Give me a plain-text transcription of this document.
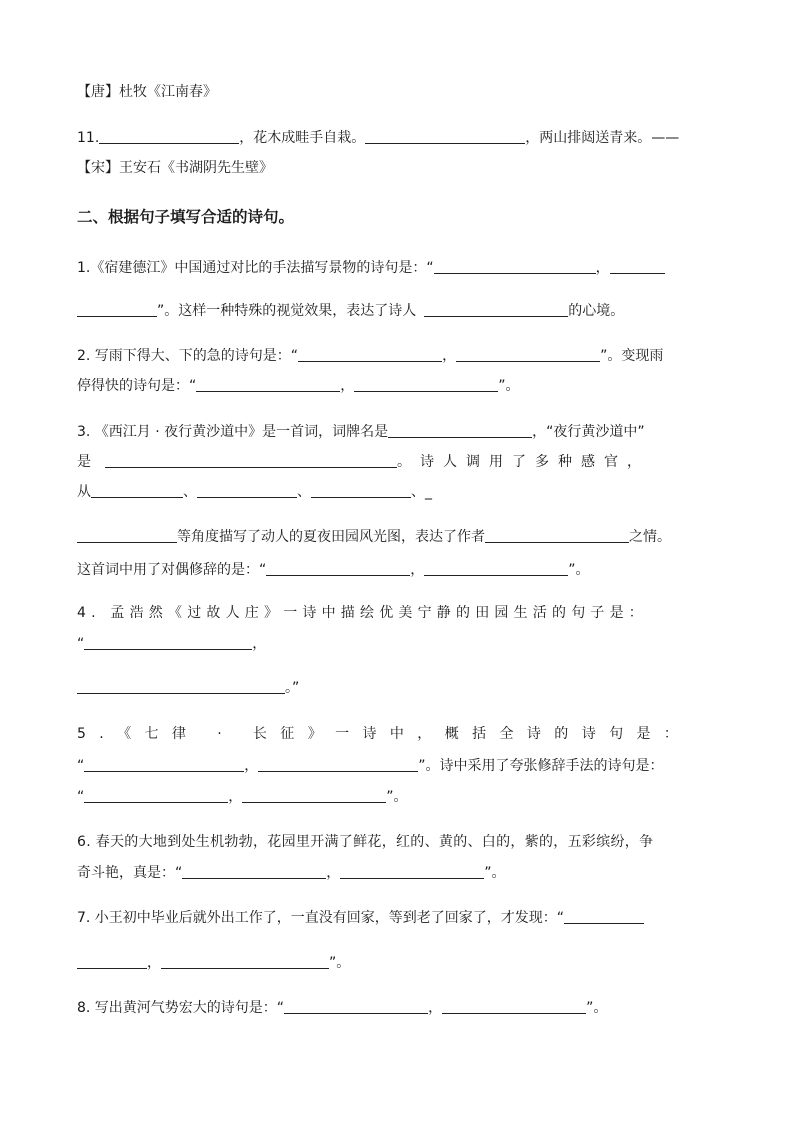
【唐】杜牧《江南春》
11.	，花木成畦手自栽。	，两山排闼送青来。——
【宋】王安石《书湖阴先生壁》
二、根据句子填写合适的诗句。
1.《宿建德江》中国通过对比的手法描写景物的诗句是：“	，
”。这样一种特殊的视觉效果，表达了诗人	的心境。
2. 写雨下得大、下的急的诗句是：“	，	”。变现雨
停得快的诗句是：“	，	”。
3. 《西江月 · 夜行黄沙道中》是一首词，词牌名是	，“夜行黄沙道中”
是	。诗人调用了多种感官，
从	、	、	、_
等角度描写了动人的夏夜田园风光图，表达了作者	之情。
这首词中用了对偶修辞的是：“	，	”。
4. 孟浩然《过故人庄》一诗中描绘优美宁静的田园生活的句子是：
“	，
。”
5.《七律 · 长征》一诗中，概括全诗的诗句是：
“	，	”。诗中采用了夸张修辞手法的诗句是：
“	，	”。
6. 春天的大地到处生机勃勃，花园里开满了鲜花，红的、黄的、白的，紫的，五彩缤纷，争
奇斗艳，真是：“	，	”。
7. 小王初中毕业后就外出工作了，一直没有回家，等到老了回家了，才发现：“
，	”。
8. 写出黄河气势宏大的诗句是：“	，	”。
